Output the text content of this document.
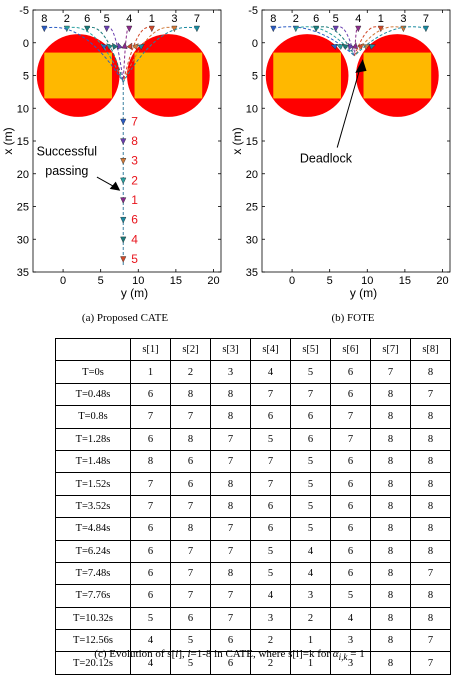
0	5	10 15 20
-5
0
5
10
15
20
25
30
35
y (m)
x (m)
8 2 6 5 4 1 3 7
7
8
3
2
1
6
4
5
Successful
passing
0	5	10 15 20
-5
0
5
10
15
20
25
30
35
y (m)
x (m)
8 2 6 5 4 1 3 7
Deadlock
(a) Proposed CATE	(b) FOTE
	s[1]	s[2]	s[3]	s[4]	s[5]	s[6]	s[7]	s[8]
T=0s	1	2	3	4	5	6	7	8
T=0.48s	6	8	8	7	7	6	8	7
T=0.8s	7	7	8	6	6	7	8	8
T=1.28s	6	8	7	5	6	7	8	8
T=1.48s	8	6	7	7	5	6	8	8
T=1.52s	7	6	8	7	5	6	8	8
T=3.52s	7	7	8	6	5	6	8	8
T=4.84s	6	8	7	6	5	6	8	8
T=6.24s	6	7	7	5	4	6	8	8
T=7.48s	6	7	8	5	4	6	8	7
T=7.76s	6	7	7	4	3	5	8	8
T=10.32s	5	6	7	3	2	4	8	8
T=12.56s	4	5	6	2	1	3	8	7
T=20.12s	4	5	6	2	1	3	8	7
(c) Evolution of s[i], i=1-8 in CATE, where s[i]=k for $\alpha_{i,k} = 1$
